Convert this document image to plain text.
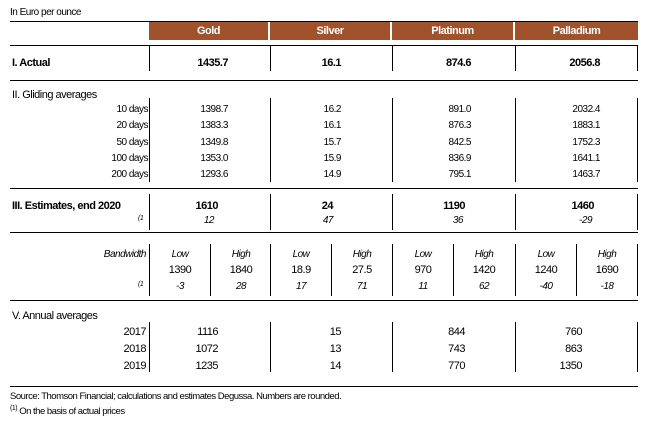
In Euro per ounce
Gold	Silver	Platinum	Palladium
I. Actual	1435.7	16.1	874.6	2056.8
II. Gliding averages
10 days	1398.7	16.2	891.0	2032.4
20 days	1383.3	16.1	876.3	1883.1
50 days	1349.8	15.7	842.5	1752.3
100 days	1353.0	15.9	836.9	1641.1
200 days	1293.6	14.9	795.1	1463.7
III. Estimates, end 2020	1610	24	1190	1460
(1	12	47	36	-29
Bandwidth	Low	High	Low	High	Low	High	Low	High
1390	1840	18.9	27.5	970	1420	1240	1690
(1	-3	28	17	71	11	62	-40	-18
V. Annual averages
2017	1116	15	844	760
2018	1072	13	743	863
2019	1235	14	770	1350
Source: Thomson Financial; calculations and estimates Degussa. Numbers are rounded.
$^{(1)}$ On the basis of actual prices
